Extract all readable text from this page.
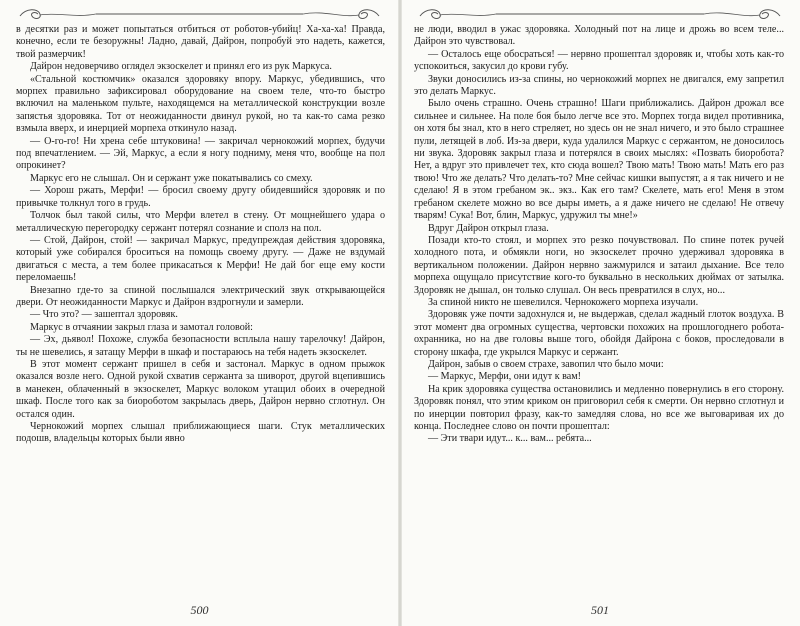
в десятки раз и может попытаться отбиться от роботов-убийц! Ха-ха-ха! Правда, конечно, если те безоружны! Ладно, давай, Дайрон, попробуй это надеть, кажется, твой размерчик!

Дайрон недоверчиво оглядел экзоскелет и принял его из рук Маркуса.

«Стальной костюмчик» оказался здоровяку впору. Маркус, убедившись, что морпех правильно зафиксировал оборудование на своем теле, что-то быстро включил на маленьком пульте, находящемся на металлической конструкции возле запястья здоровяка. Тот от неожиданности двинул рукой, но та как-то сама резко взмыла вверх, и инерцией морпеха откинуло назад.

— О-го-го! Ни хрена себе штуковина! — закричал чернокожий морпех, будучи под впечатлением. — Эй, Маркус, а если я ногу подниму, меня что, вообще на пол опрокинет?

Маркус его не слышал. Он и сержант уже покатывались со смеху.

— Хорош ржать, Мерфи! — бросил своему другу обидевшийся здоровяк и по привычке толкнул того в грудь.

Толчок был такой силы, что Мерфи влетел в стену. От мощнейшего удара о металлическую перегородку сержант потерял сознание и сполз на пол.

— Стой, Дайрон, стой! — закричал Маркус, предупреждая действия здоровяка, который уже собирался броситься на помощь своему другу. — Даже не вздумай двигаться с места, а тем более прикасаться к Мерфи! Не дай бог еще ему кости переломаешь!

Внезапно где-то за спиной послышался электрический звук открывающейся двери. От неожиданности Маркус и Дайрон вздрогнули и замерли.

— Что это? — зашептал здоровяк.

Маркус в отчаянии закрыл глаза и замотал головой:

— Эх, дьявол! Похоже, служба безопасности всплыла нашу тарелочку! Дайрон, ты не шевелись, я затащу Мерфи в шкаф и постараюсь на тебя надеть экзоскелет.

В этот момент сержант пришел в себя и застонал. Маркус в одном прыжок оказался возле него. Одной рукой схватив сержанта за шиворот, другой вцепившись в манекен, облаченный в экзоскелет, Маркус волоком утащил обоих в очередной шкаф. После того как за биороботом закрылась дверь, Дайрон нервно сглотнул. Он остался один.

Чернокожий морпех слышал приближающиеся шаги. Стук металлических подошв, владельцы которых были явно

500

не люди, вводил в ужас здоровяка. Холодный пот на лице и дрожь во всем теле... Дайрон это чувствовал.

— Осталось еще обосраться! — нервно прошептал здоровяк и, чтобы хоть как-то успокоиться, закусил до крови губу.

Звуки доносились из-за спины, но чернокожий морпех не двигался, ему запретил это делать Маркус.

Было очень страшно. Очень страшно! Шаги приближались. Дайрон дрожал все сильнее и сильнее. На поле боя было легче все это. Морпех тогда видел противника, он хотя бы знал, кто в него стреляет, но здесь он не знал ничего, и это было страшнее пули, летящей в лоб. Из-за двери, куда удалился Маркус с сержантом, не доносилось ни звука. Здоровяк закрыл глаза и потерялся в своих мыслях: «Позвать биоробота? Нет, а вдруг это привлечет тех, кто сюда вошел? Твою мать! Твою мать! Мать его раз твою! Что же делать? Что делать-то? Мне сейчас кишки выпустят, а я так ничего и не сделаю! Я в этом гребаном эк.. экз.. Как его там? Скелете, мать его! Меня в этом гребаном скелете можно во все дыры иметь, а я даже ничего не сделаю! Не отвечу тварям! Сука! Вот, блин, Маркус, удружил ты мне!»

Вдруг Дайрон открыл глаза.

Позади кто-то стоял, и морпех это резко почувствовал. По спине потек ручей холодного пота, и обмякли ноги, но экзоскелет прочно удерживал здоровяка в вертикальном положении. Дайрон нервно зажмурился и затаил дыхание. Все тело морпеха ощущало присутствие кого-то буквально в нескольких дюймах от затылка. Здоровяк не дышал, он только слушал. Он весь превратился в слух, но...

За спиной никто не шевелился. Чернокожего морпеха изучали.

Здоровяк уже почти задохнулся и, не выдержав, сделал жадный глоток воздуха. В этот момент два огромных существа, чертовски похожих на прошлогоднего робота-охранника, но на две головы выше того, обойдя Дайрона с боков, проследовали в сторону шкафа, где укрылся Маркус и сержант.

Дайрон, забыв о своем страхе, завопил что было мочи:

— Маркус, Мерфи, они идут к вам!

На крик здоровяка существа остановились и медленно повернулись в его сторону. Здоровяк понял, что этим криком он приговорил себя к смерти. Он нервно сглотнул и по инерции повторил фразу, как-то замедляя слова, но все же выговаривая их до конца. Последнее слово он почти прошептал:

— Эти твари идут... к... вам... ребята...

501
